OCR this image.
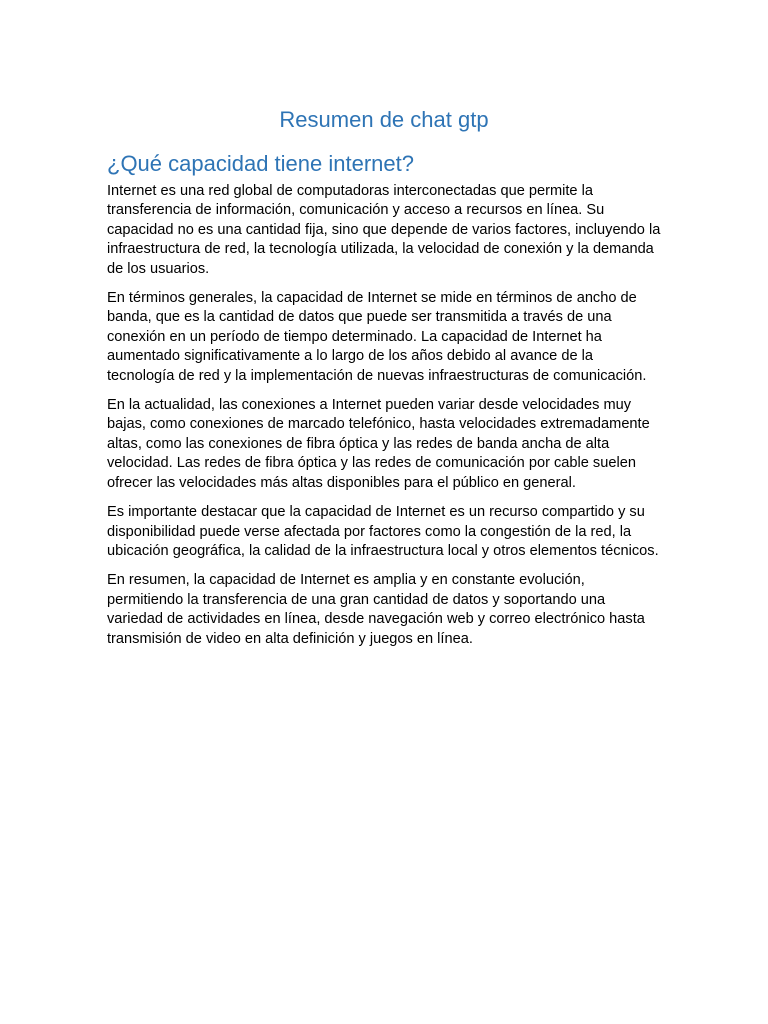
Resumen de chat gtp
¿Qué capacidad tiene internet?

Internet es una red global de computadoras interconectadas que permite la transferencia de información, comunicación y acceso a recursos en línea. Su capacidad no es una cantidad fija, sino que depende de varios factores, incluyendo la infraestructura de red, la tecnología utilizada, la velocidad de conexión y la demanda de los usuarios.

En términos generales, la capacidad de Internet se mide en términos de ancho de banda, que es la cantidad de datos que puede ser transmitida a través de una conexión en un período de tiempo determinado. La capacidad de Internet ha aumentado significativamente a lo largo de los años debido al avance de la tecnología de red y la implementación de nuevas infraestructuras de comunicación.

En la actualidad, las conexiones a Internet pueden variar desde velocidades muy bajas, como conexiones de marcado telefónico, hasta velocidades extremadamente altas, como las conexiones de fibra óptica y las redes de banda ancha de alta velocidad. Las redes de fibra óptica y las redes de comunicación por cable suelen ofrecer las velocidades más altas disponibles para el público en general.

Es importante destacar que la capacidad de Internet es un recurso compartido y su disponibilidad puede verse afectada por factores como la congestión de la red, la ubicación geográfica, la calidad de la infraestructura local y otros elementos técnicos.

En resumen, la capacidad de Internet es amplia y en constante evolución, permitiendo la transferencia de una gran cantidad de datos y soportando una variedad de actividades en línea, desde navegación web y correo electrónico hasta transmisión de video en alta definición y juegos en línea.
